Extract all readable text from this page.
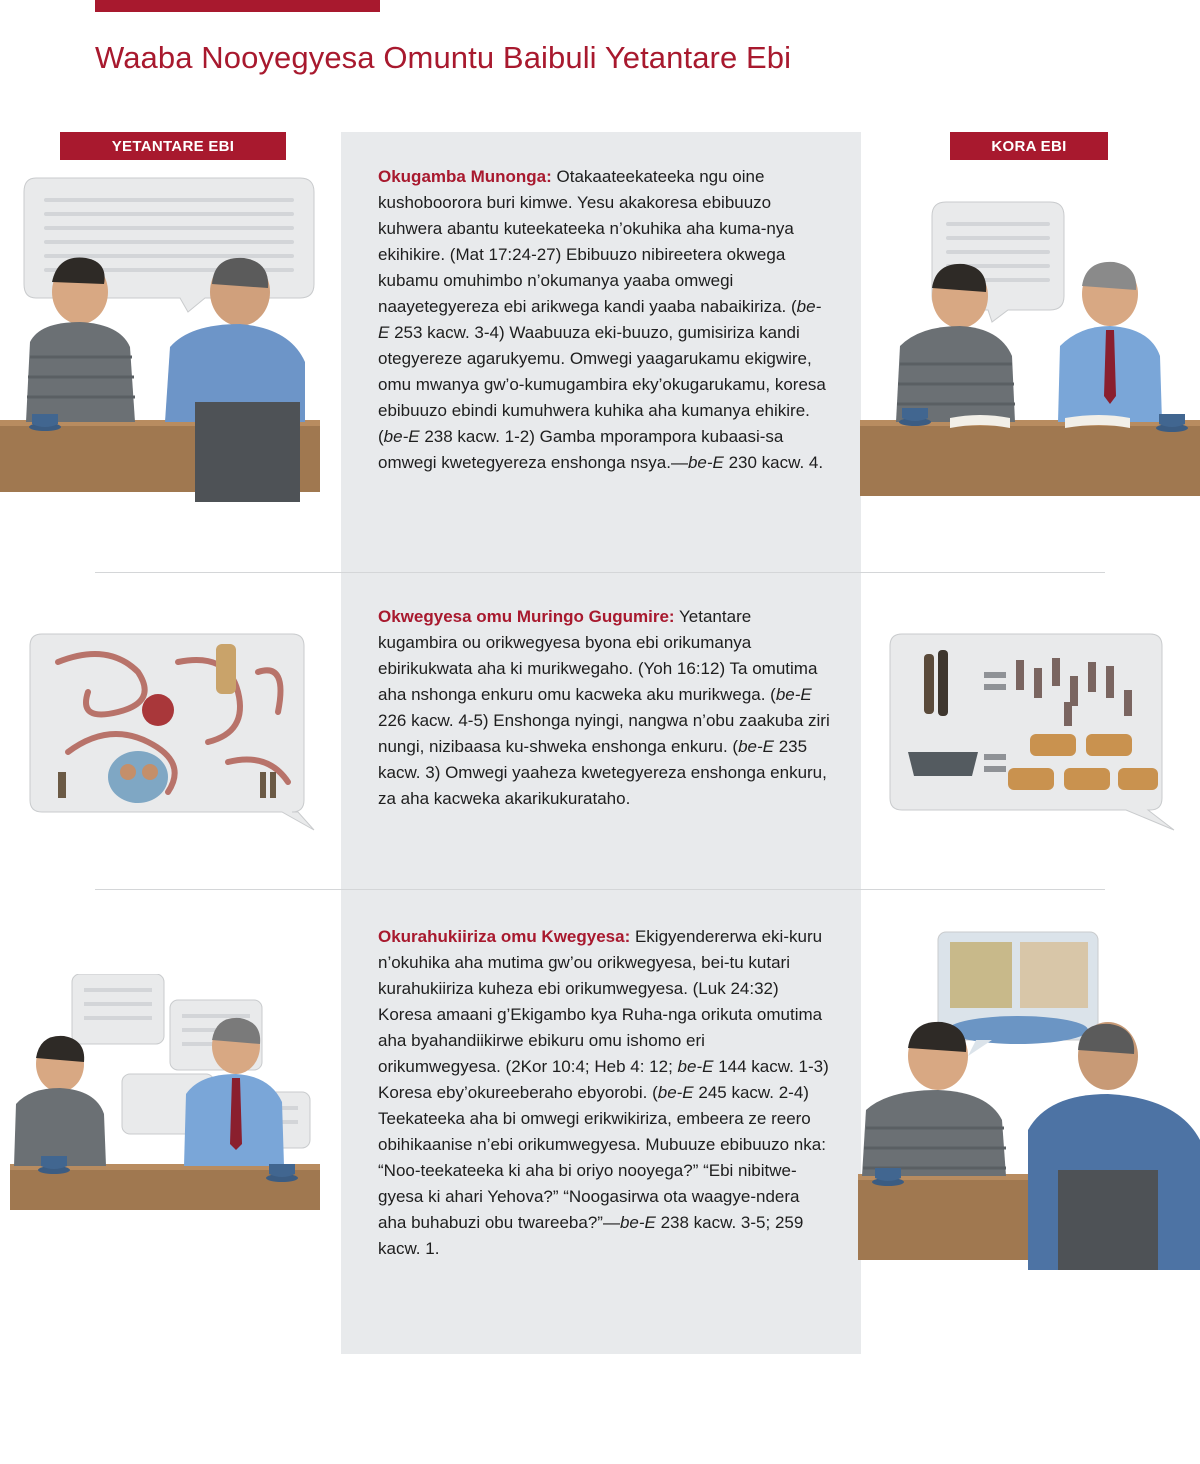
Waaba Nooyegyesa Omuntu Baibuli Yetantare Ebi
YETANTARE EBI	KORA EBI

Okugamba Munonga: Otakaateekateeka ngu oine kushoboorora buri kimwe. Yesu akakoresa ebibuuzo kuhwera abantu kuteekateeka n’okuhika aha kuma-nya ekihikire. (Mat 17:24-27) Ebibuuzo nibireetera okwega kubamu omuhimbo n’okumanya yaaba omwegi naayetegyereza ebi arikwega kandi yaaba nabaikiriza. (be-E 253 kacw. 3-4) Waabuuza eki-buuzo, gumisiriza kandi otegyereze agarukyemu. Omwegi yaagarukamu ekigwire, omu mwanya gw’o-kumugambira eky’okugarukamu, koresa ebibuuzo ebindi kumuhwera kuhika aha kumanya ehikire. (be-E 238 kacw. 1-2) Gamba mporamporа kubaasi-sa omwegi kwetegyereza enshonga nsya.—be-E 230 kacw. 4.

Okwegyesa omu Muringo Gugumire: Yetantare kugambira ou orikwegyesa byona ebi orikumanya ebirikukwata aha ki murikwegaho. (Yoh 16:12) Ta omutima aha nshonga enkuru omu kacweka aku murikwega. (be-E 226 kacw. 4-5) Enshonga nyingi, nangwa n’obu zaakuba ziri nungi, nizibaasa ku-shweka enshonga enkuru. (be-E 235 kacw. 3) Omwegi yaaheza kwetegyereza enshonga enkuru, za aha kacweka akarikukurataho.

Okurahukiiriza omu Kwegyesa: Ekigyendererwa eki-kuru n’okuhika aha mutima gw’ou orikwegyesa, bei-tu kutari kurahukiiriza kuheza ebi orikumwegyesa. (Luk 24:32) Koresa amaani g’Ekigambo kya Ruha-nga orikuta omutima aha byahandiikirwe ebikuru omu ishomo eri orikumwegyesa. (2Kor 10:4; Heb 4: 12; be-E 144 kacw. 1-3) Koresa eby’okureeberaho ebyorobi. (be-E 245 kacw. 2-4) Teekateeka aha bi omwegi erikwikiriza, embeera ze reero obihikaanise n’ebi orikumwegyesa. Mubuuze ebibuuzo nka: “Noo-teekateeka ki aha bi oriyo nooyega?” “Ebi nibitwe-gyesa ki ahari Yehova?” “Noogasirwa ota waagye-ndera aha buhabuzi obu twareeba?”—be-E 238 kacw. 3-5; 259 kacw. 1.
